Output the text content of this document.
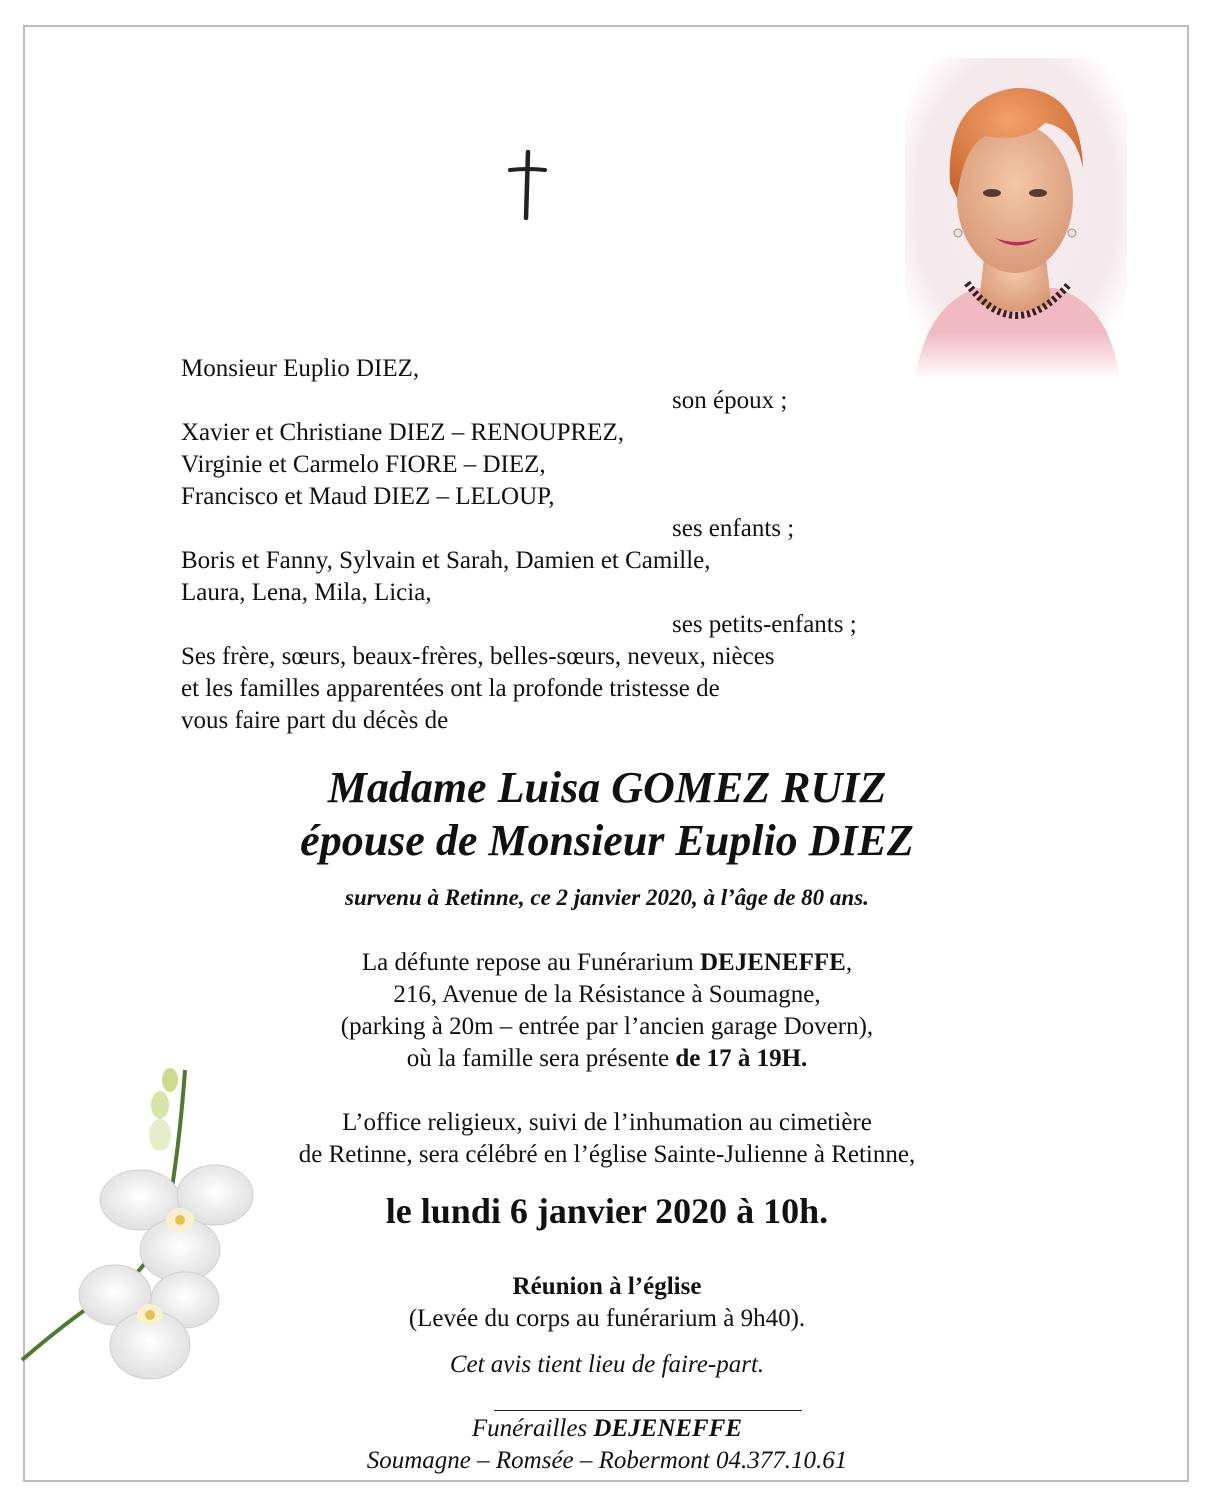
Monsieur Euplio DIEZ,
son époux ;
Xavier et Christiane DIEZ – RENOUPREZ,
Virginie et Carmelo FIORE – DIEZ,
Francisco et Maud DIEZ – LELOUP,
ses enfants ;
Boris et Fanny, Sylvain et Sarah, Damien et Camille,
Laura, Lena, Mila, Licia,
ses petits-enfants ;
Ses frère, sœurs, beaux-frères, belles-sœurs, neveux, nièces
et les familles apparentées ont la profonde tristesse de
vous faire part du décès de
Madame Luisa GOMEZ RUIZ
épouse de Monsieur Euplio DIEZ
survenu à Retinne, ce 2 janvier 2020, à l’âge de 80 ans.
La défunte repose au Funérarium DEJENEFFE,
216, Avenue de la Résistance à Soumagne,
(parking à 20m – entrée par l’ancien garage Dovern),
où la famille sera présente de 17 à 19H.
L’office religieux, suivi de l’inhumation au cimetière
de Retinne, sera célébré en l’église Sainte-Julienne à Retinne,
le lundi 6 janvier 2020 à 10h.
Réunion à l’église
(Levée du corps au funérarium à 9h40).
Cet avis tient lieu de faire-part.
Funérailles DEJENEFFE
Soumagne – Romsée – Robermont 04.377.10.61
